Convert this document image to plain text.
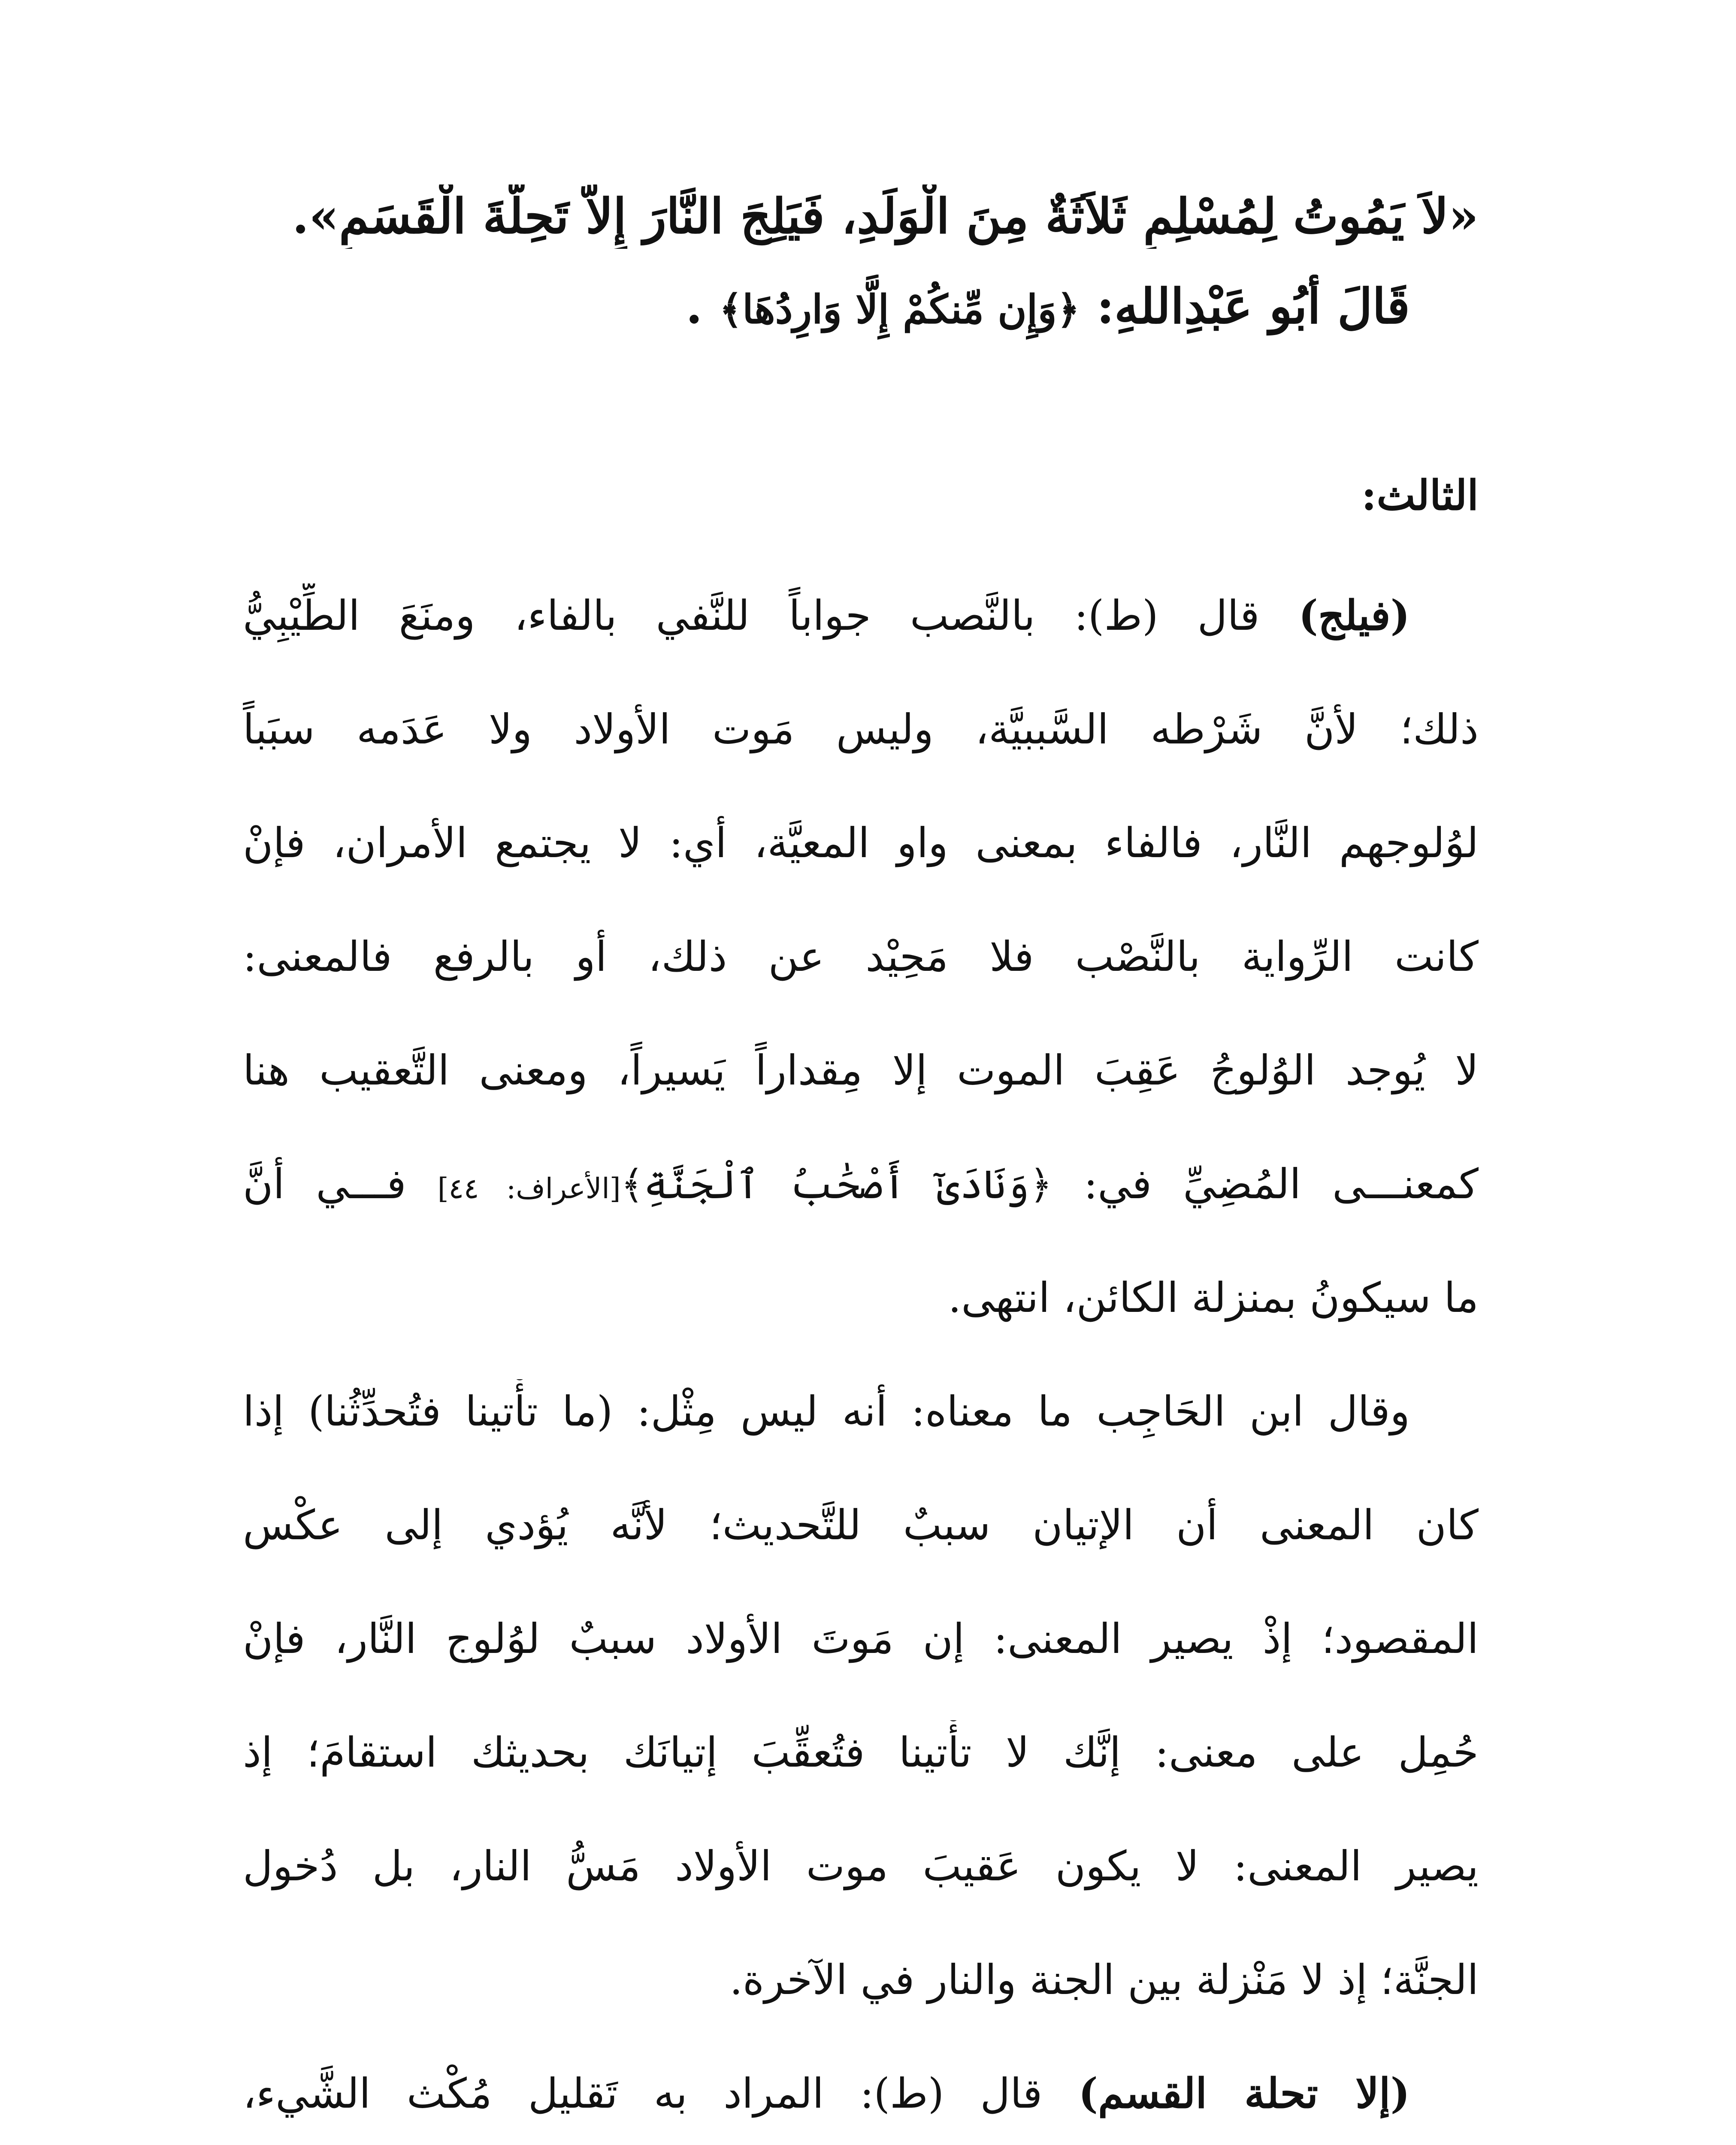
«لاَ يَمُوتُ لِمُسْلِمٍ ثَلاَثَةٌ مِنَ الْوَلَدِ، فَيَلِجَ النَّارَ إِلاَّ تَحِلَّةَ الْقَسَمِ».
قَالَ أَبُو عَبْدِاللهِ: ﴿وَإِن مِّنكُمْ إِلَّا وَارِدُهَا﴾ .
الثالث:
(فيلج) قال (ط): بالنَّصب جواباً للنَّفي بالفاء، ومنَعَ الطِّيْبِيُّ
ذلك؛ لأنَّ شَرْطه السَّببيَّة، وليس مَوت الأولاد ولا عَدَمه سبَباً
لوُلوجهم النَّار، فالفاء بمعنى واو المعيَّة، أي: لا يجتمع الأمران، فإنْ
كانت الرِّواية بالنَّصْب فلا مَحِيْد عن ذلك، أو بالرفع فالمعنى:
لا يُوجد الوُلوجُ عَقِبَ الموت إلا مِقداراً يَسيراً، ومعنى التَّعقيب هنا
كمعنـــى المُضِيِّ في: ﴿وَنَادَىٰٓ أَصْحَٰبُ ٱلْجَنَّةِ﴾[الأعراف: ٤٤] فـــي أنَّ
ما سيكونُ بمنزلة الكائن، انتهى.
وقال ابن الحَاجِب ما معناه: أنه ليس مِثْل: (ما تأْتينا فتُحدِّثُنا) إذا
كان المعنى أن الإتيان سببٌ للتَّحديث؛ لأنَّه يُؤدي إلى عكْس
المقصود؛ إذْ يصير المعنى: إن مَوتَ الأولاد سببٌ لوُلوج النَّار، فإنْ
حُمِل على معنى: إنَّك لا تأْتينا فتُعقِّبَ إتيانَك بحديثك استقامَ؛ إذ
يصير المعنى: لا يكون عَقيبَ موت الأولاد مَسُّ النار، بل دُخول
الجنَّة؛ إذ لا مَنْزلة بين الجنة والنار في الآخرة.
(إلا تحلة القسم) قال (ط): المراد به تَقليل مُكْث الشَّيء،
